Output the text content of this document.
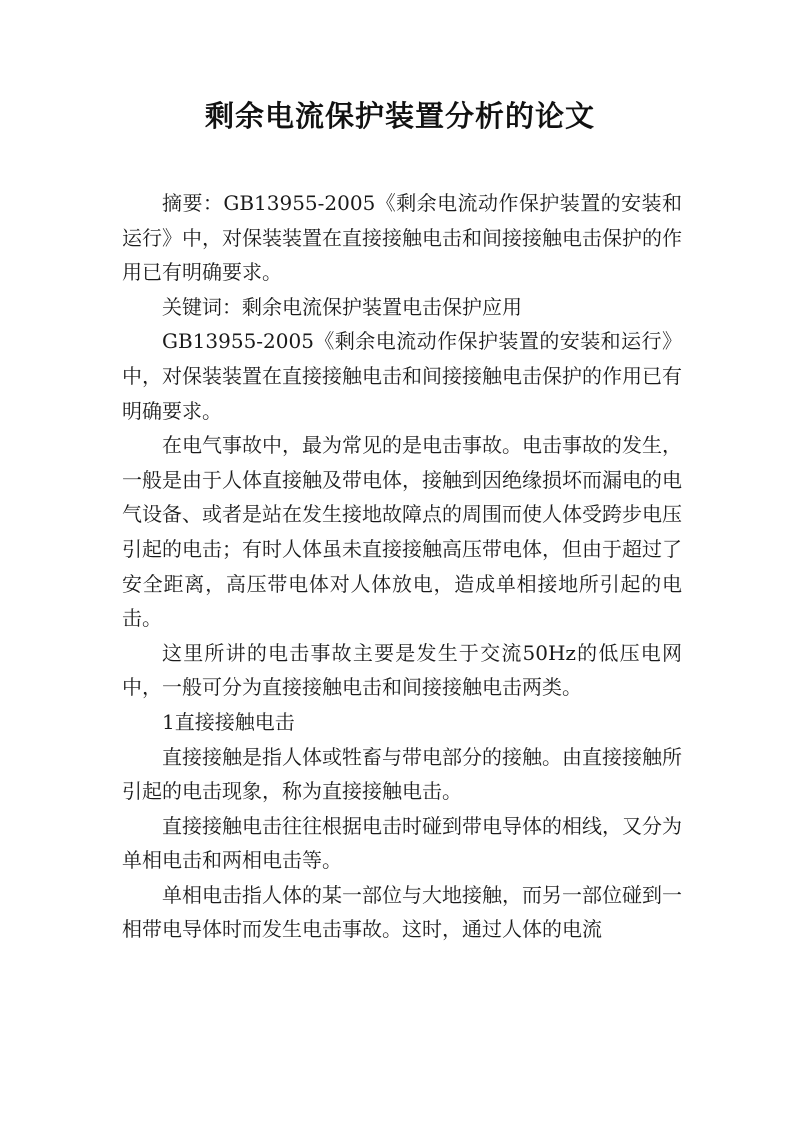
剩余电流保护装置分析的论文

摘要：GB13955-2005《剩余电流动作保护装置的安装和运行》中，对保装装置在直接接触电击和间接接触电击保护的作用已有明确要求。

关键词：剩余电流保护装置电击保护应用

GB13955-2005《剩余电流动作保护装置的安装和运行》中，对保装装置在直接接触电击和间接接触电击保护的作用已有明确要求。

在电气事故中，最为常见的是电击事故。电击事故的发生，一般是由于人体直接触及带电体，接触到因绝缘损坏而漏电的电气设备、或者是站在发生接地故障点的周围而使人体受跨步电压引起的电击；有时人体虽未直接接触高压带电体，但由于超过了安全距离，高压带电体对人体放电，造成单相接地所引起的电击。

这里所讲的电击事故主要是发生于交流50Hz的低压电网中，一般可分为直接接触电击和间接接触电击两类。

1直接接触电击

直接接触是指人体或牲畜与带电部分的接触。由直接接触所引起的电击现象，称为直接接触电击。

直接接触电击往往根据电击时碰到带电导体的相线，又分为单相电击和两相电击等。

单相电击指人体的某一部位与大地接触，而另一部位碰到一相带电导体时而发生电击事故。这时，通过人体的电流
